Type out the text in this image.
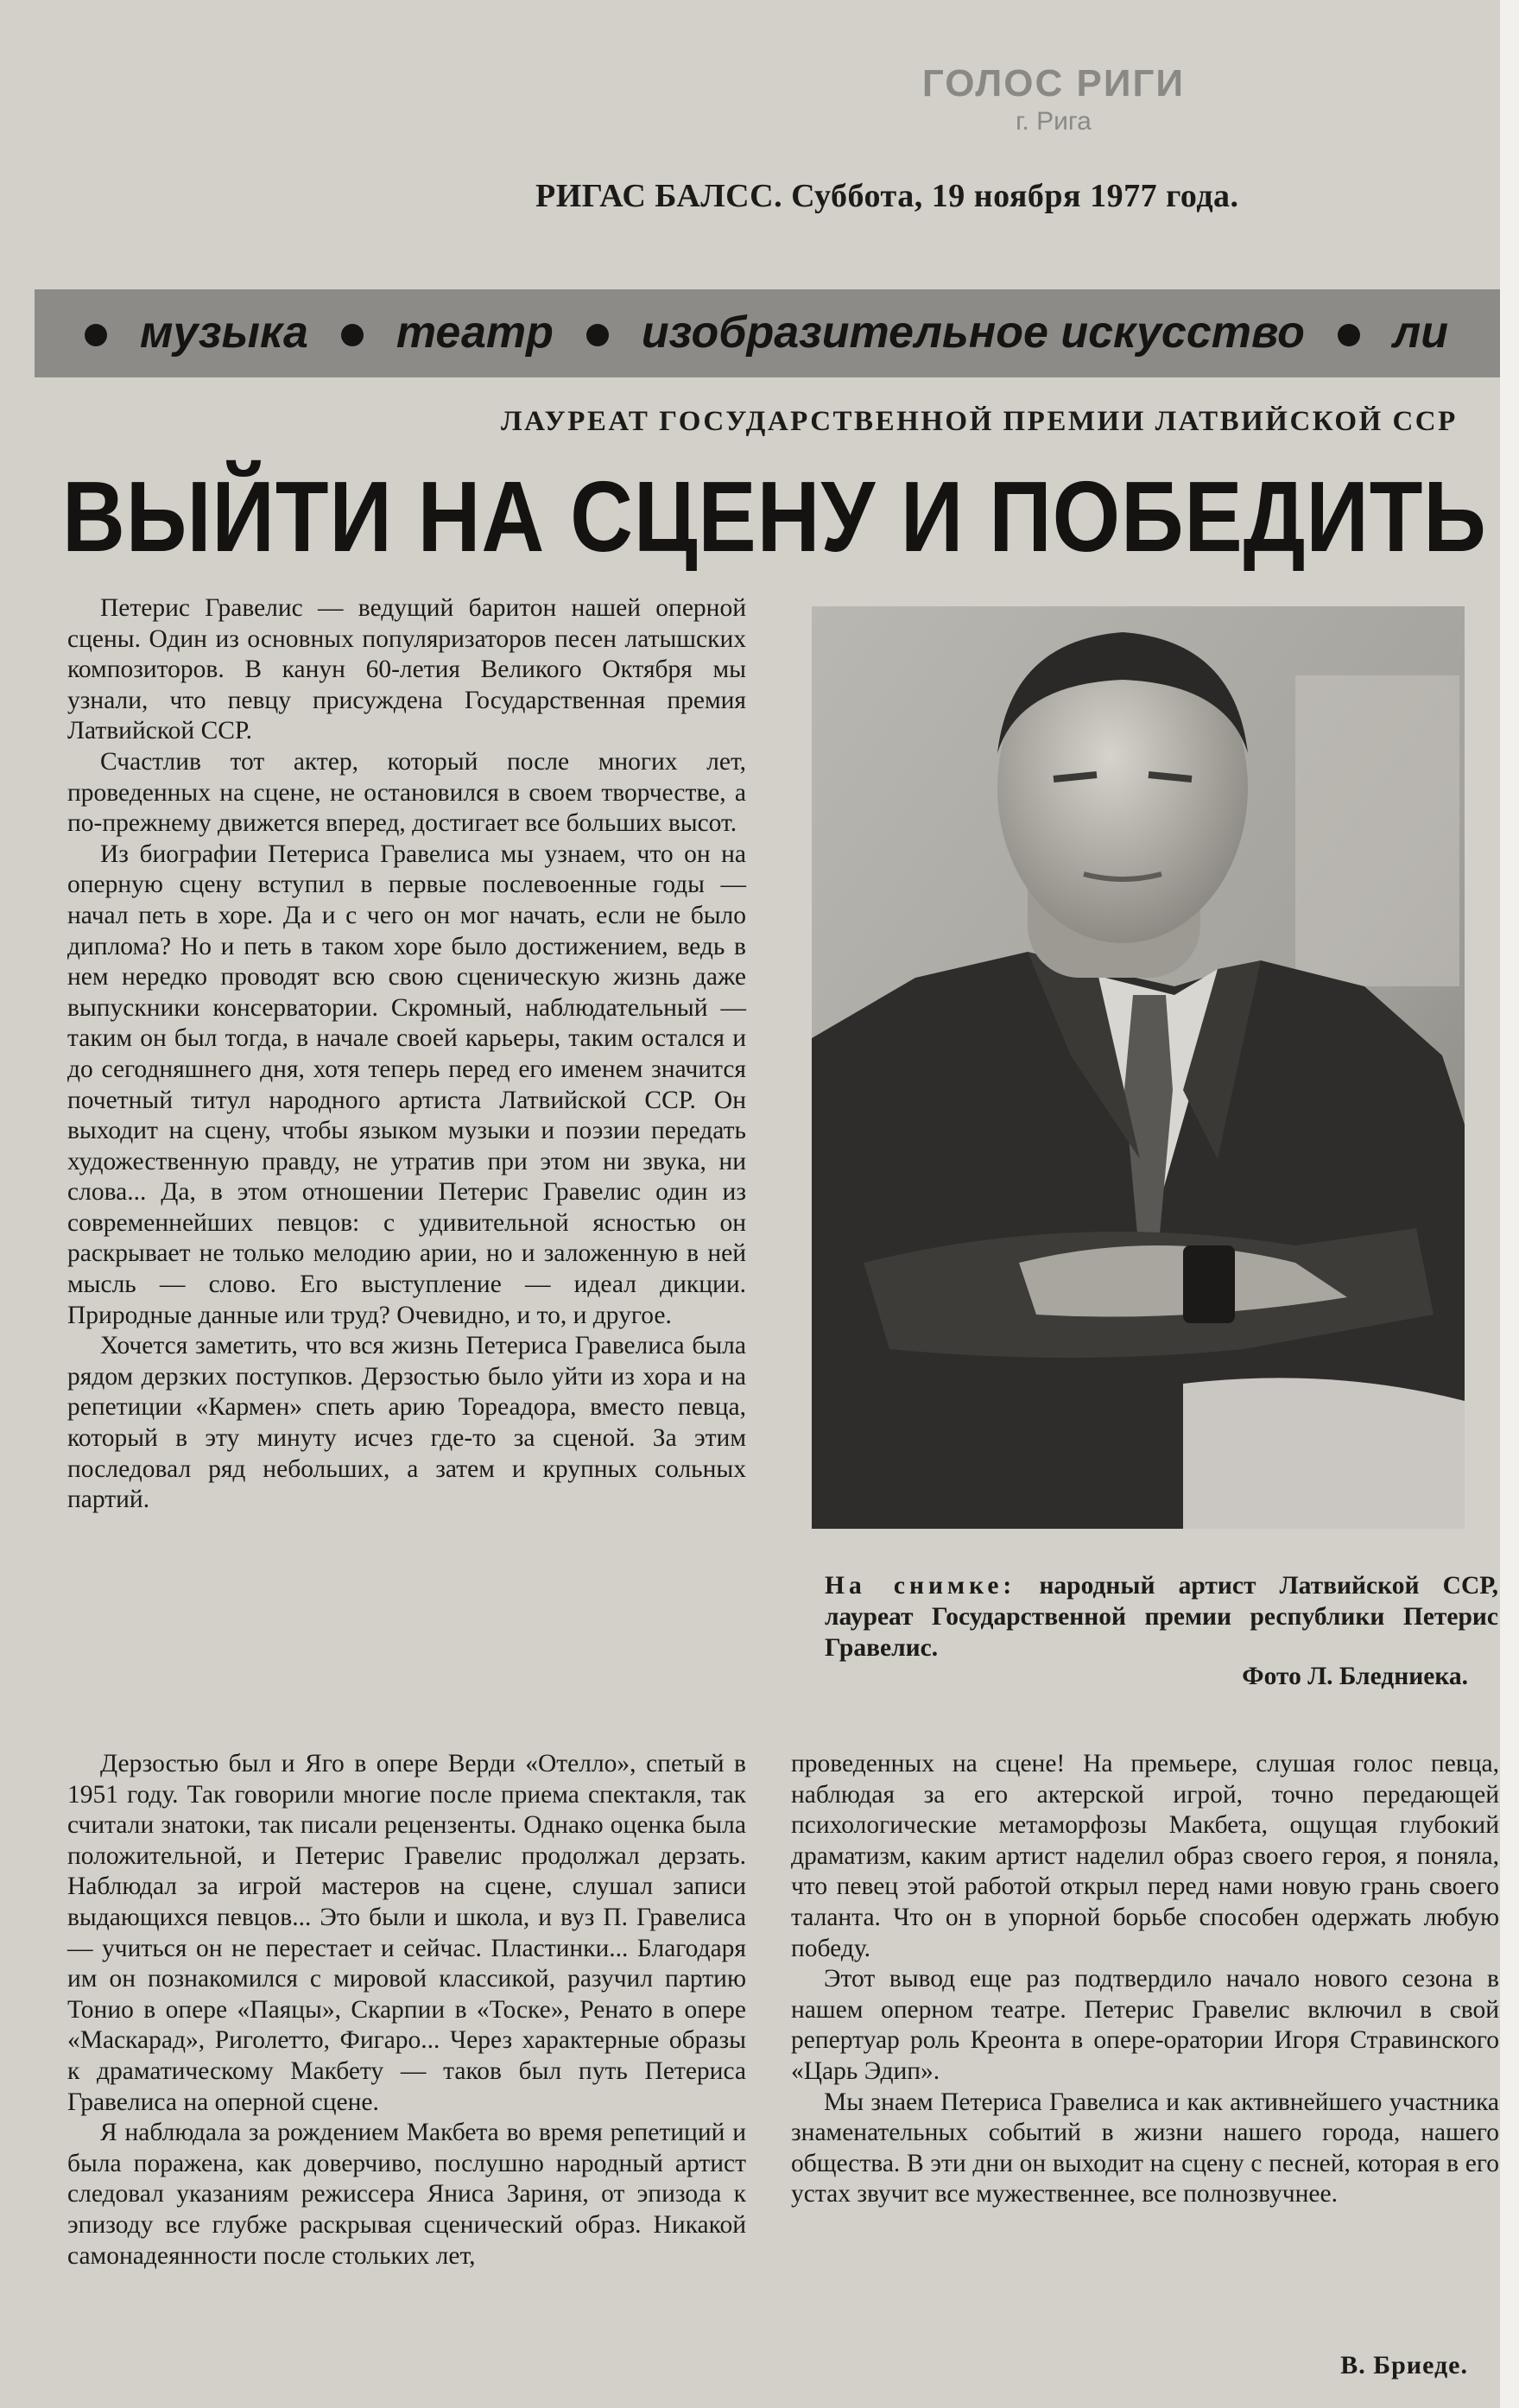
ГОЛОС РИГИ
г. Рига
РИГАС БАЛСС. Суббота, 19 ноября 1977 года.
музыка театр изобразительное искусство ли
ЛАУРЕАТ ГОСУДАРСТВЕННОЙ ПРЕМИИ ЛАТВИЙСКОЙ ССР
ВЫЙТИ НА СЦЕНУ И ПОБЕДИТЬ

Петерис Гравелис — ведущий баритон нашей оперной сцены. Один из основных популяризаторов песен латышских композиторов. В канун 60-летия Великого Октября мы узнали, что певцу присуждена Государственная премия Латвийской ССР.

Счастлив тот актер, который после многих лет, проведенных на сцене, не остановился в своем творчестве, а по-прежнему движется вперед, достигает все больших высот.

Из биографии Петериса Гравелиса мы узнаем, что он на оперную сцену вступил в первые послевоенные годы — начал петь в хоре. Да и с чего он мог начать, если не было диплома? Но и петь в таком хоре было достижением, ведь в нем нередко проводят всю свою сценическую жизнь даже выпускники консерватории. Скромный, наблюдательный — таким он был тогда, в начале своей карьеры, таким остался и до сегодняшнего дня, хотя теперь перед его именем значится почетный титул народного артиста Латвийской ССР. Он выходит на сцену, чтобы языком музыки и поэзии передать художественную правду, не утратив при этом ни звука, ни слова... Да, в этом отношении Петерис Гравелис один из современнейших певцов: с удивительной ясностью он раскрывает не только мелодию арии, но и заложенную в ней мысль — слово. Его выступление — идеал дикции. Природные данные или труд? Очевидно, и то, и другое.

Хочется заметить, что вся жизнь Петериса Гравелиса была рядом дерзких поступков. Дерзостью было уйти из хора и на репетиции «Кармен» спеть арию Тореадора, вместо певца, который в эту минуту исчез где-то за сценой. За этим последовал ряд небольших, а затем и крупных сольных партий.

На снимке: народный артист Латвийской ССР, лауреат Государственной премии республики Петерис Гравелис.
Фото Л. Бледниека.

Дерзостью был и Яго в опере Верди «Отелло», спетый в 1951 году. Так говорили многие после приема спектакля, так считали знатоки, так писали рецензенты. Однако оценка была положительной, и Петерис Гравелис продолжал дерзать. Наблюдал за игрой мастеров на сцене, слушал записи выдающихся певцов... Это были и школа, и вуз П. Гравелиса — учиться он не перестает и сейчас. Пластинки... Благодаря им он познакомился с мировой классикой, разучил партию Тонио в опере «Паяцы», Скарпии в «Тоске», Ренато в опере «Маскарад», Риголетто, Фигаро... Через характерные образы к драматическому Макбету — таков был путь Петериса Гравелиса на оперной сцене.

Я наблюдала за рождением Макбета во время репетиций и была поражена, как доверчиво, послушно народный артист следовал указаниям режиссера Яниса Зариня, от эпизода к эпизоду все глубже раскрывая сценический образ. Никакой самонадеянности после стольких лет,

проведенных на сцене! На премьере, слушая голос певца, наблюдая за его актерской игрой, точно передающей психологические метаморфозы Макбета, ощущая глубокий драматизм, каким артист наделил образ своего героя, я поняла, что певец этой работой открыл перед нами новую грань своего таланта. Что он в упорной борьбе способен одержать любую победу.

Этот вывод еще раз подтвердило начало нового сезона в нашем оперном театре. Петерис Гравелис включил в свой репертуар роль Креонта в опере-оратории Игоря Стравинского «Царь Эдип».

Мы знаем Петериса Гравелиса и как активнейшего участника знаменательных событий в жизни нашего города, нашего общества. В эти дни он выходит на сцену с песней, которая в его устах звучит все мужественнее, все полнозвучнее.

В. Бриеде.
